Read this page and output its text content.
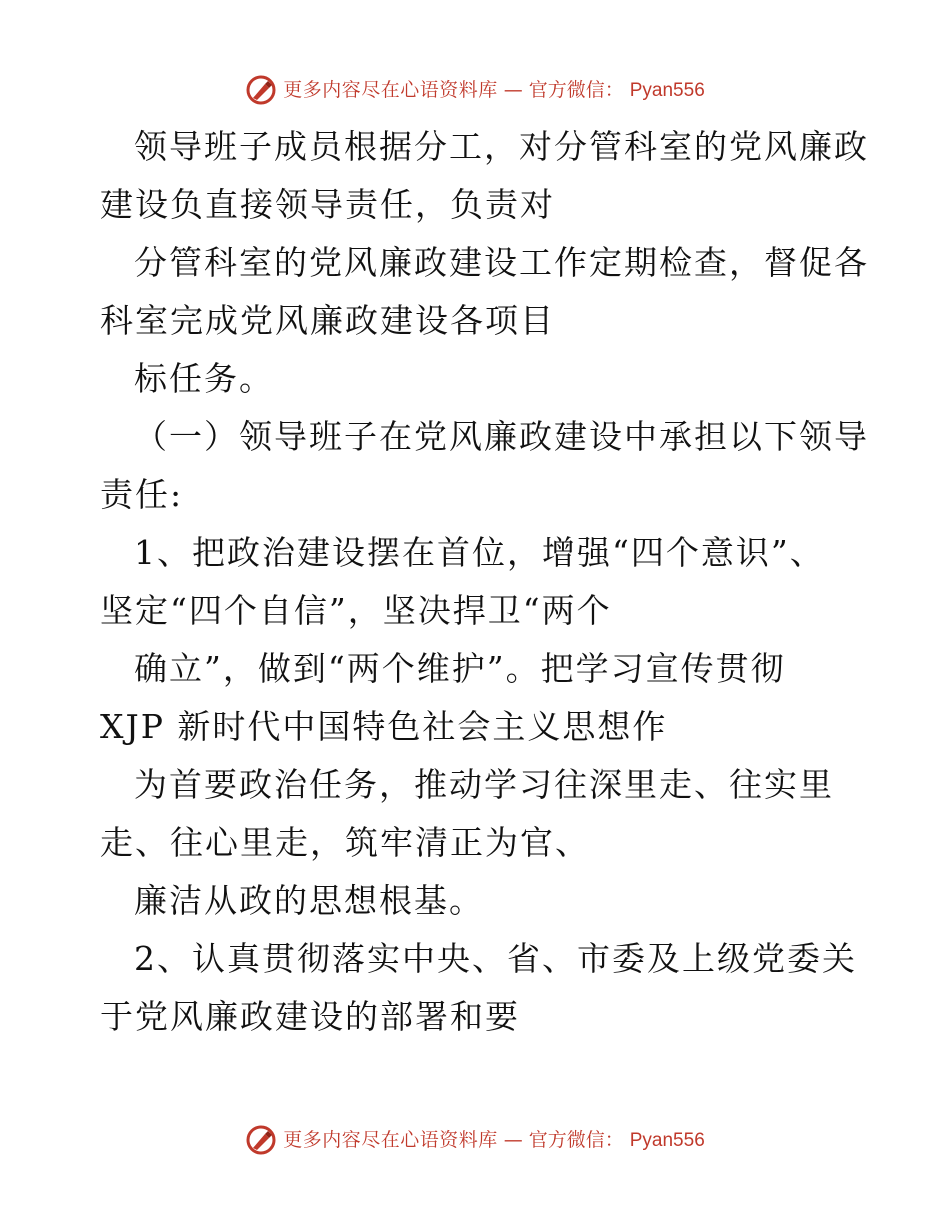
更多内容尽在心语资料库 — 官方微信： Pyan556
领导班子成员根据分工，对分管科室的党风廉政
建设负直接领导责任，负责对
分管科室的党风廉政建设工作定期检查，督促各
科室完成党风廉政建设各项目
标任务。
（一）领导班子在党风廉政建设中承担以下领导
责任:
1、把政治建设摆在首位，增强“四个意识”、
坚定“四个自信”，坚决捍卫“两个
确立”，做到“两个维护”。把学习宣传贯彻
XJP 新时代中国特色社会主义思想作
为首要政治任务，推动学习往深里走、往实里
走、往心里走，筑牢清正为官、
廉洁从政的思想根基。
2、认真贯彻落实中央、省、市委及上级党委关
于党风廉政建设的部署和要
更多内容尽在心语资料库 — 官方微信： Pyan556
